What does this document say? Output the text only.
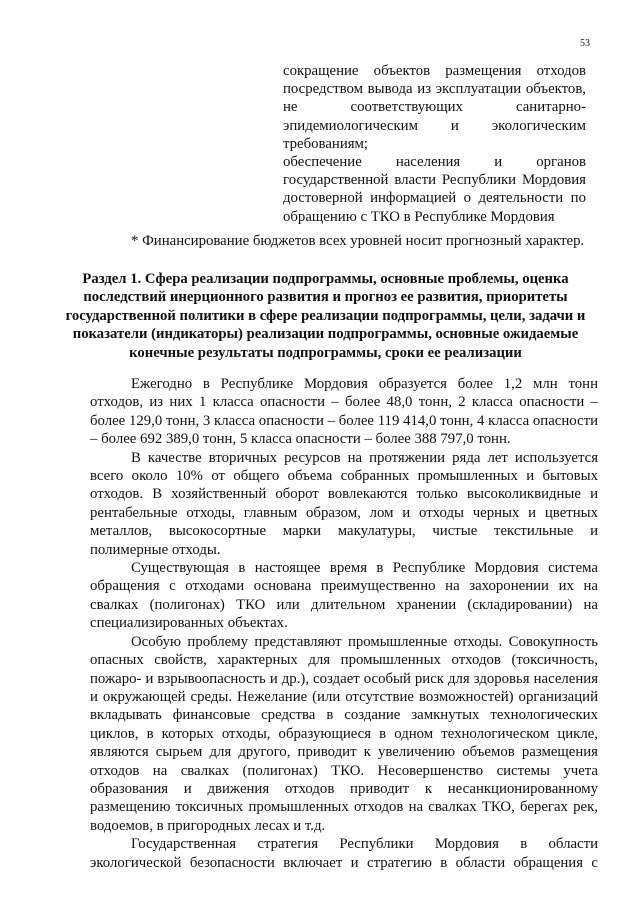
53

сокращение объектов размещения отходов посредством вывода из эксплуатации объектов, не соответствующих санитарно-эпидемиологическим и экологическим требованиям;

обеспечение населения и органов государственной власти Республики Мордовия достоверной информацией о деятельности по обращению с ТКО в Республике Мордовия

* Финансирование бюджетов всех уровней носит прогнозный характер.
Раздел 1. Сфера реализации подпрограммы, основные проблемы, оценка последствий инерционного развития и прогноз ее развития, приоритеты государственной политики в сфере реализации подпрограммы, цели, задачи и показатели (индикаторы) реализации подпрограммы, основные ожидаемые конечные результаты подпрограммы, сроки ее реализации

Ежегодно в Республике Мордовия образуется более 1,2 млн тонн отходов, из них 1 класса опасности – более 48,0 тонн, 2 класса опасности – более 129,0 тонн, 3 класса опасности – более 119 414,0 тонн, 4 класса опасности – более 692 389,0 тонн, 5 класса опасности – более 388 797,0 тонн.

В качестве вторичных ресурсов на протяжении ряда лет используется всего около 10% от общего объема собранных промышленных и бытовых отходов. В хозяйственный оборот вовлекаются только высоколиквидные и рентабельные отходы, главным образом, лом и отходы черных и цветных металлов, высокосортные марки макулатуры, чистые текстильные и полимерные отходы.

Существующая в настоящее время в Республике Мордовия система обращения с отходами основана преимущественно на захоронении их на свалках (полигонах) ТКО или длительном хранении (складировании) на специализированных объектах.

Особую проблему представляют промышленные отходы. Совокупность опасных свойств, характерных для промышленных отходов (токсичность, пожаро- и взрывоопасность и др.), создает особый риск для здоровья населения и окружающей среды. Нежелание (или отсутствие возможностей) организаций вкладывать финансовые средства в создание замкнутых технологических циклов, в которых отходы, образующиеся в одном технологическом цикле, являются сырьем для другого, приводит к увеличению объемов размещения отходов на свалках (полигонах) ТКО. Несовершенство системы учета образования и движения отходов приводит к несанкционированному размещению токсичных промышленных отходов на свалках ТКО, берегах рек, водоемов, в пригородных лесах и т.д.

Государственная стратегия Республики Мордовия в области экологической безопасности включает и стратегию в области обращения с
